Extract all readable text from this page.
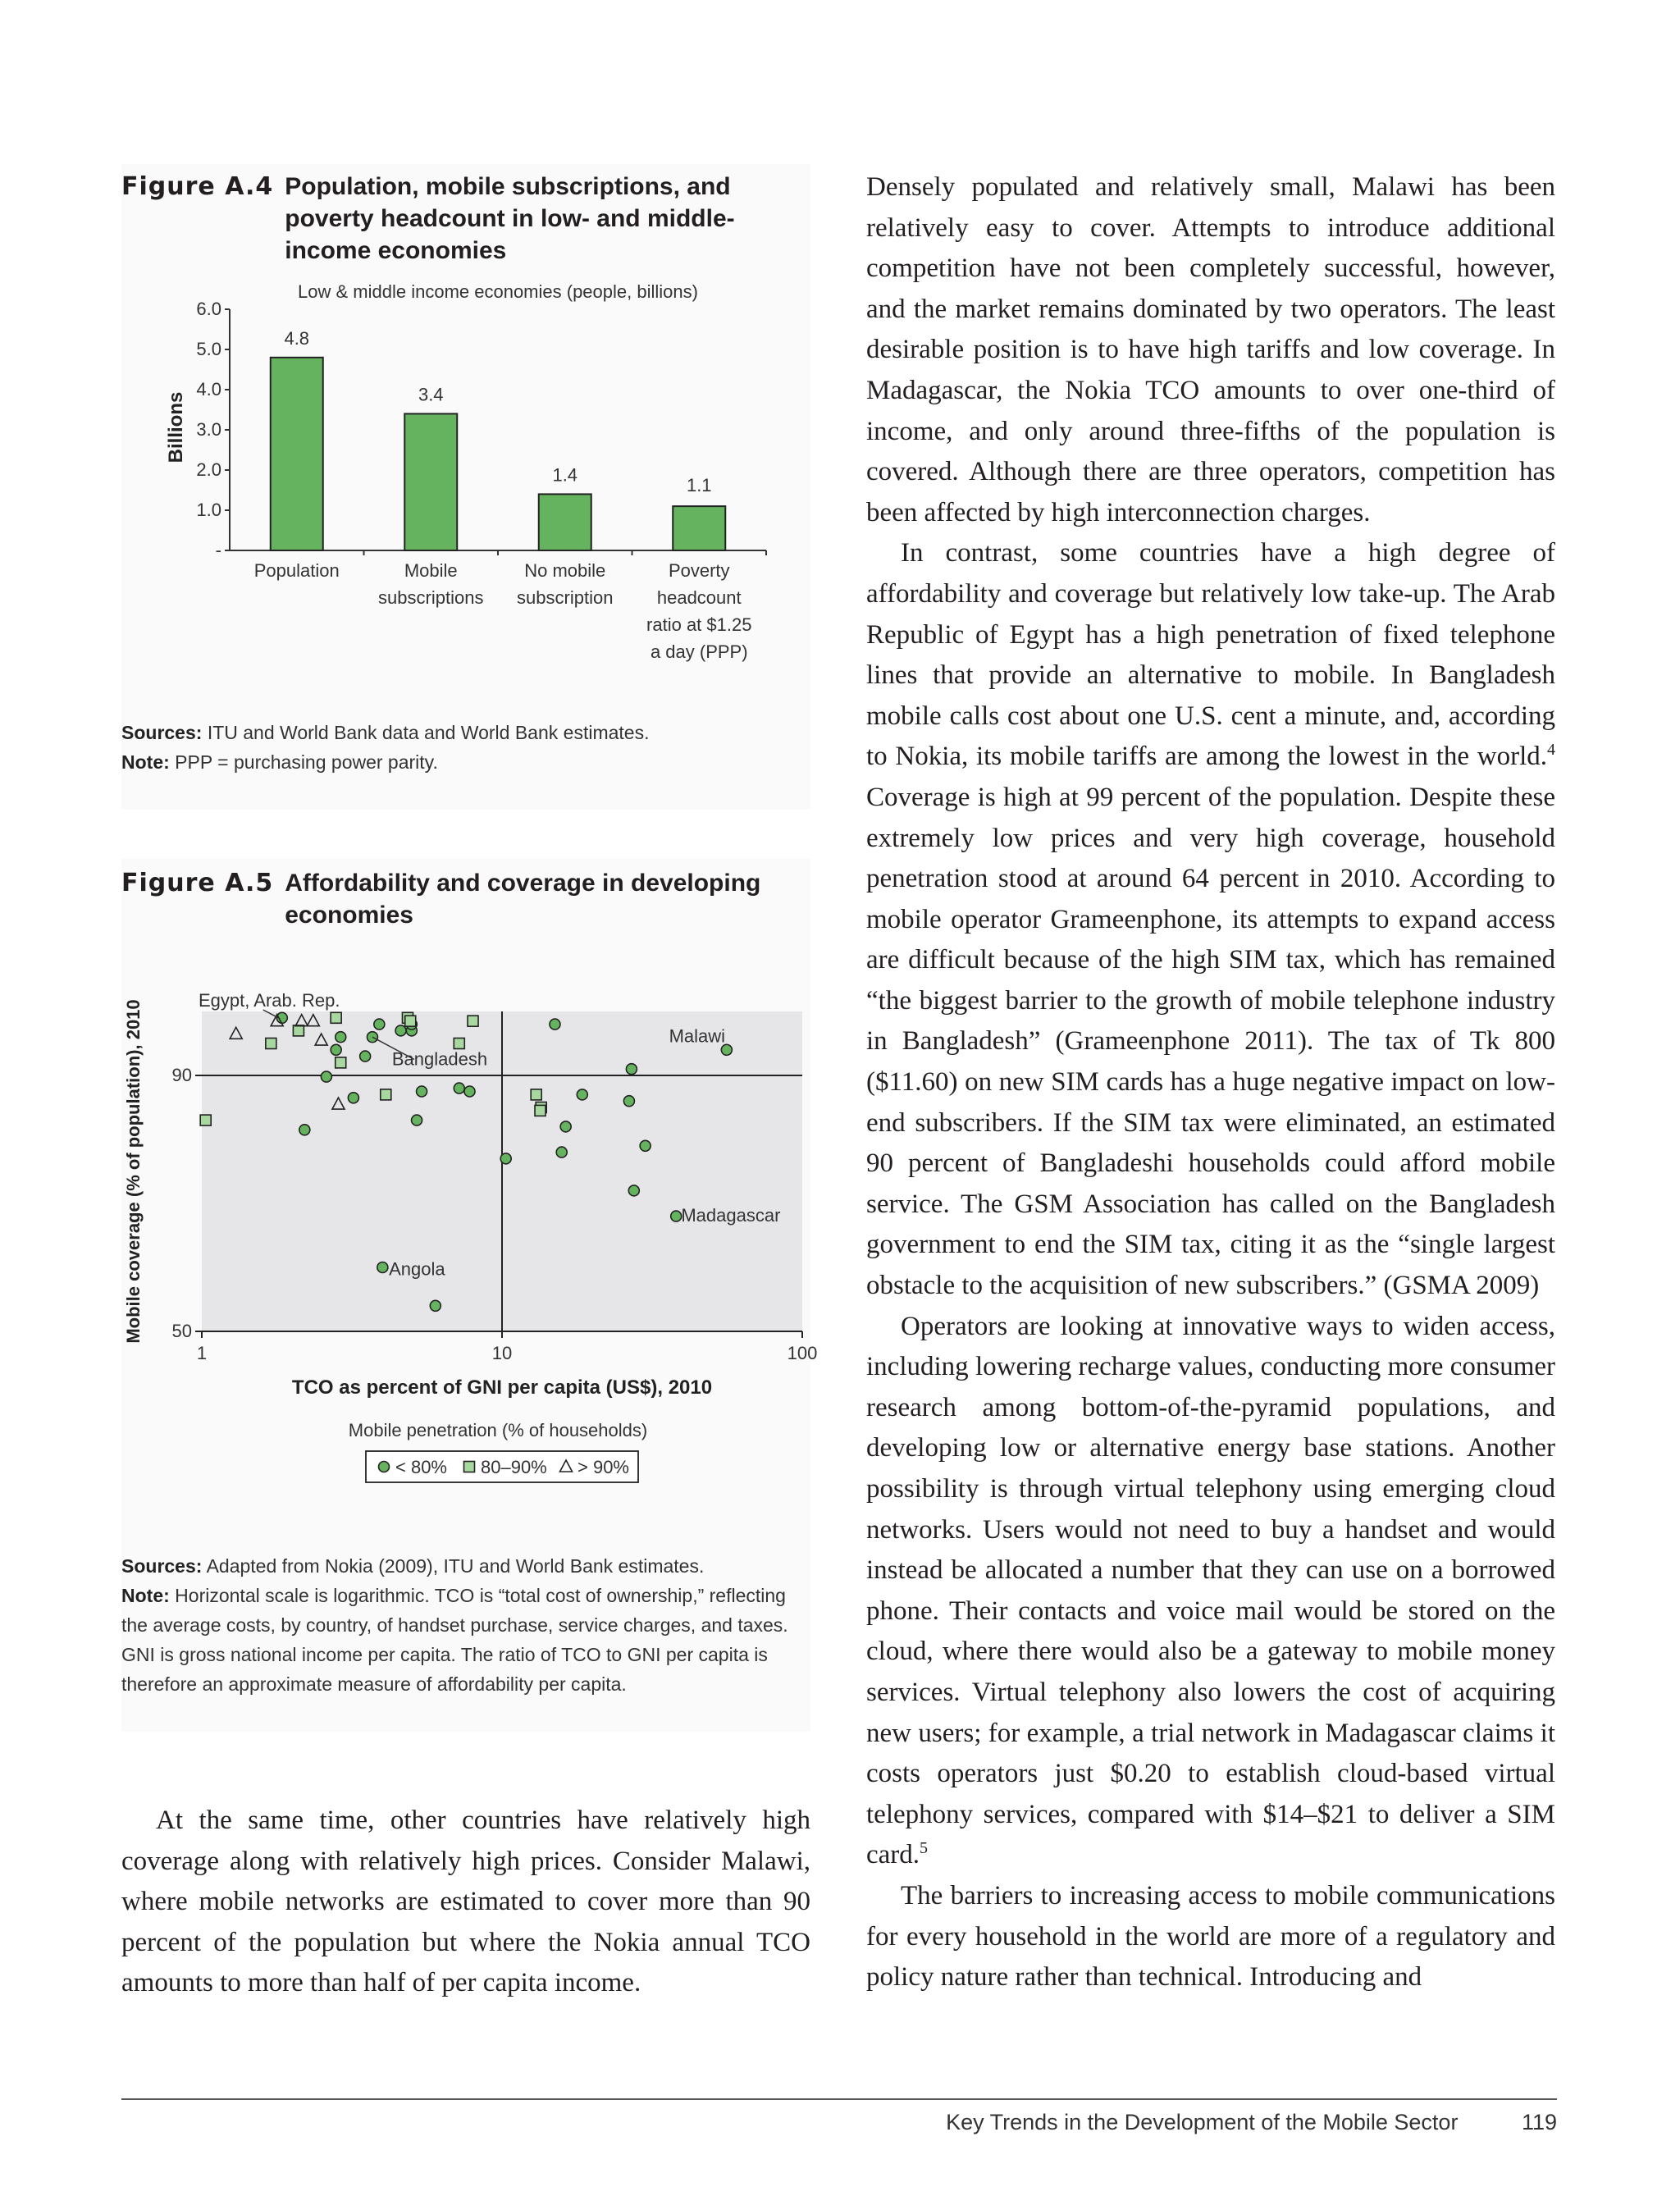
Figure A.4 Population, mobile subscriptions, and poverty headcount in low- and middle-income economies
Low & middle income economies (people, billions)
-
1.0
2.0
3.0
4.0
5.0
6.0
Billions
4.8
Population
3.4
Mobile
subscriptions
1.4
No mobile
subscription
1.1
Poverty
headcount
ratio at $1.25
a day (PPP)
Sources: ITU and World Bank data and World Bank estimates.
Note: PPP = purchasing power parity.
Figure A.5 Affordability and coverage in developing economies
1	10	100
50
90
TCO as percent of GNI per capita (US$), 2010
Mobile coverage (% of population), 2010	Egypt, Arab. Rep.
Bangladesh
Malawi
Madagascar
Angola
Mobile penetration (% of households)
< 80% 80–90% > 90%
Sources: Adapted from Nokia (2009), ITU and World Bank estimates.
Note: Horizontal scale is logarithmic. TCO is “total cost of ownership,” reflecting the average costs, by country, of handset purchase, service charges, and taxes. GNI is gross national income per capita. The ratio of TCO to GNI per capita is therefore an approximate measure of affordability per capita.

At the same time, other countries have relatively high coverage along with relatively high prices. Consider Malawi, where mobile networks are estimated to cover more than 90 percent of the population but where the Nokia annual TCO amounts to more than half of per capita income.

Densely populated and relatively small, Malawi has been relatively easy to cover. Attempts to introduce additional competition have not been completely successful, however, and the market remains dominated by two operators. The least desirable position is to have high tariffs and low coverage. In Madagascar, the Nokia TCO amounts to over one-third of income, and only around three-fifths of the population is covered. Although there are three operators, competition has been affected by high interconnection charges.

In contrast, some countries have a high degree of affordability and coverage but relatively low take-up. The Arab Republic of Egypt has a high penetration of fixed telephone lines that provide an alternative to mobile. In Bangladesh mobile calls cost about one U.S. cent a minute, and, according to Nokia, its mobile tariffs are among the lowest in the world.$^4$ Coverage is high at 99 percent of the population. Despite these extremely low prices and very high coverage, household penetration stood at around 64 percent in 2010. According to mobile operator Grameenphone, its attempts to expand access are difficult because of the high SIM tax, which has remained “the biggest barrier to the growth of mobile telephone industry in Bangladesh” (Grameenphone 2011). The tax of Tk 800 ($11.60) on new SIM cards has a huge negative impact on low-end subscribers. If the SIM tax were eliminated, an estimated 90 percent of Bangladeshi households could afford mobile service. The GSM Association has called on the Bangladesh government to end the SIM tax, citing it as the “single largest obstacle to the acquisition of new subscribers.” (GSMA 2009)

Operators are looking at innovative ways to widen access, including lowering recharge values, conducting more consumer research among bottom-of-the-pyramid populations, and developing low or alternative energy base stations. Another possibility is through virtual telephony using emerging cloud networks. Users would not need to buy a handset and would instead be allocated a number that they can use on a borrowed phone. Their contacts and voice mail would be stored on the cloud, where there would also be a gateway to mobile money services. Virtual telephony also lowers the cost of acquiring new users; for example, a trial network in Madagascar claims it costs operators just $0.20 to establish cloud-based virtual telephony services, compared with $14–$21 to deliver a SIM card.$^5$

The barriers to increasing access to mobile communications for every household in the world are more of a regulatory and policy nature rather than technical. Introducing and

Key Trends in the Development of the Mobile Sector	119
